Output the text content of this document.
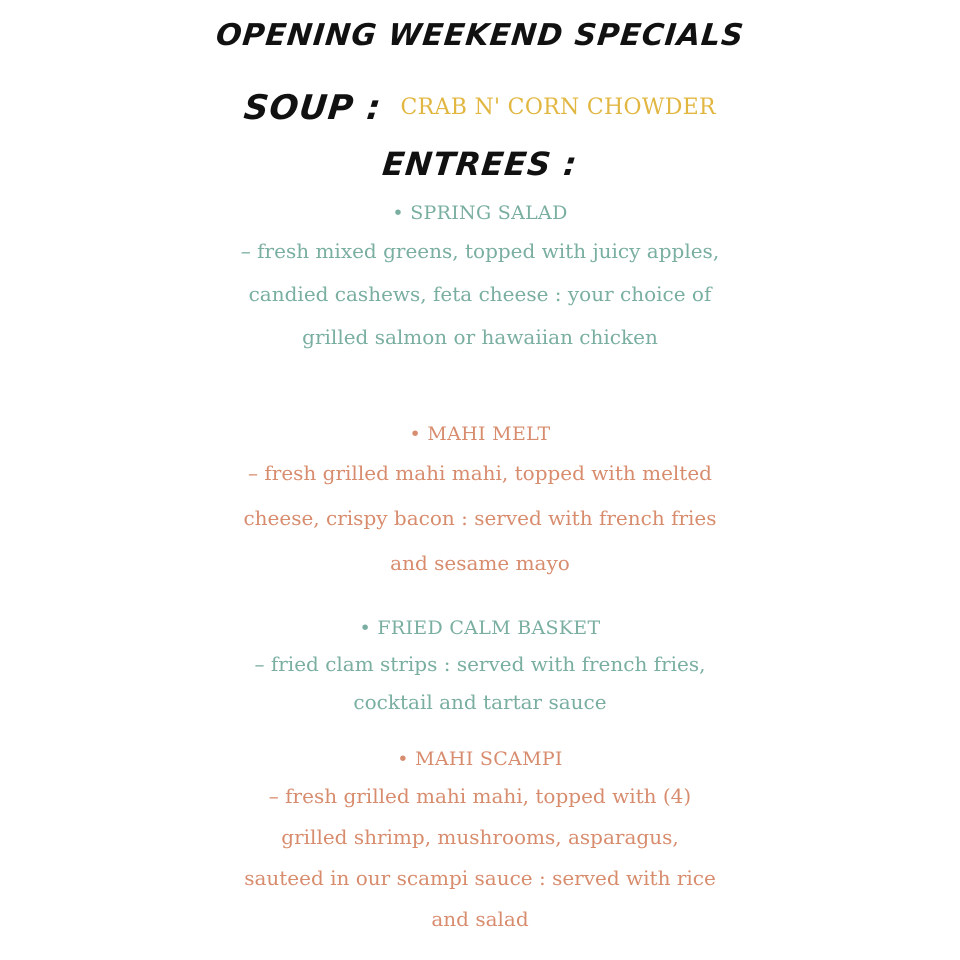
OPENING WEEKEND SPECIALS
SOUP : CRAB N' CORN CHOWDER
ENTREES :
• SPRING SALAD
– fresh mixed greens, topped with juicy apples, candied cashews, feta cheese : your choice of grilled salmon or hawaiian chicken
• MAHI MELT
– fresh grilled mahi mahi, topped with melted cheese, crispy bacon : served with french fries and sesame mayo
• FRIED CALM BASKET
– fried clam strips : served with french fries, cocktail and tartar sauce
• MAHI SCAMPI
– fresh grilled mahi mahi, topped with (4) grilled shrimp, mushrooms, asparagus, sauteed in our scampi sauce : served with rice and salad
